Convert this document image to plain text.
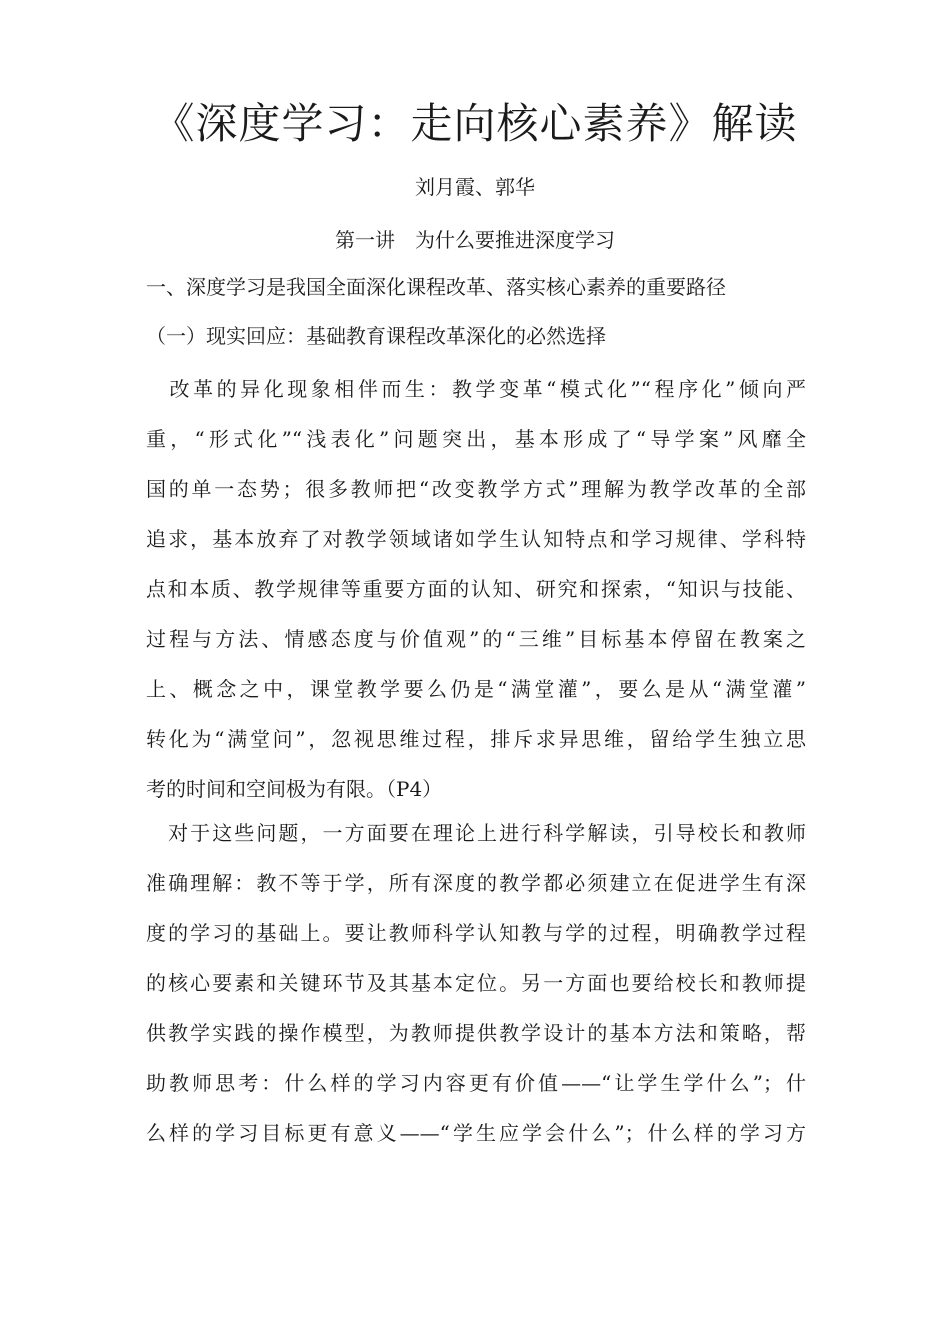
《深度学习：走向核心素养》解读
刘月霞、郭华
第一讲　为什么要推进深度学习
一、深度学习是我国全面深化课程改革、落实核心素养的重要路径
（一）现实回应：基础教育课程改革深化的必然选择
　改革的异化现象相伴而生：教学变革“模式化”“程序化”倾向严
重，“形式化”“浅表化”问题突出，基本形成了“导学案”风靡全
国的单一态势；很多教师把“改变教学方式”理解为教学改革的全部
追求，基本放弃了对教学领域诸如学生认知特点和学习规律、学科特
点和本质、教学规律等重要方面的认知、研究和探索，“知识与技能、
过程与方法、情感态度与价值观”的“三维”目标基本停留在教案之
上、概念之中，课堂教学要么仍是“满堂灌”，要么是从“满堂灌”
转化为“满堂问”，忽视思维过程，排斥求异思维，留给学生独立思
考的时间和空间极为有限。（P4）
　对于这些问题，一方面要在理论上进行科学解读，引导校长和教师
准确理解：教不等于学，所有深度的教学都必须建立在促进学生有深
度的学习的基础上。要让教师科学认知教与学的过程，明确教学过程
的核心要素和关键环节及其基本定位。另一方面也要给校长和教师提
供教学实践的操作模型，为教师提供教学设计的基本方法和策略，帮
助教师思考：什么样的学习内容更有价值——“让学生学什么”；什
么样的学习目标更有意义——“学生应学会什么”；什么样的学习方
